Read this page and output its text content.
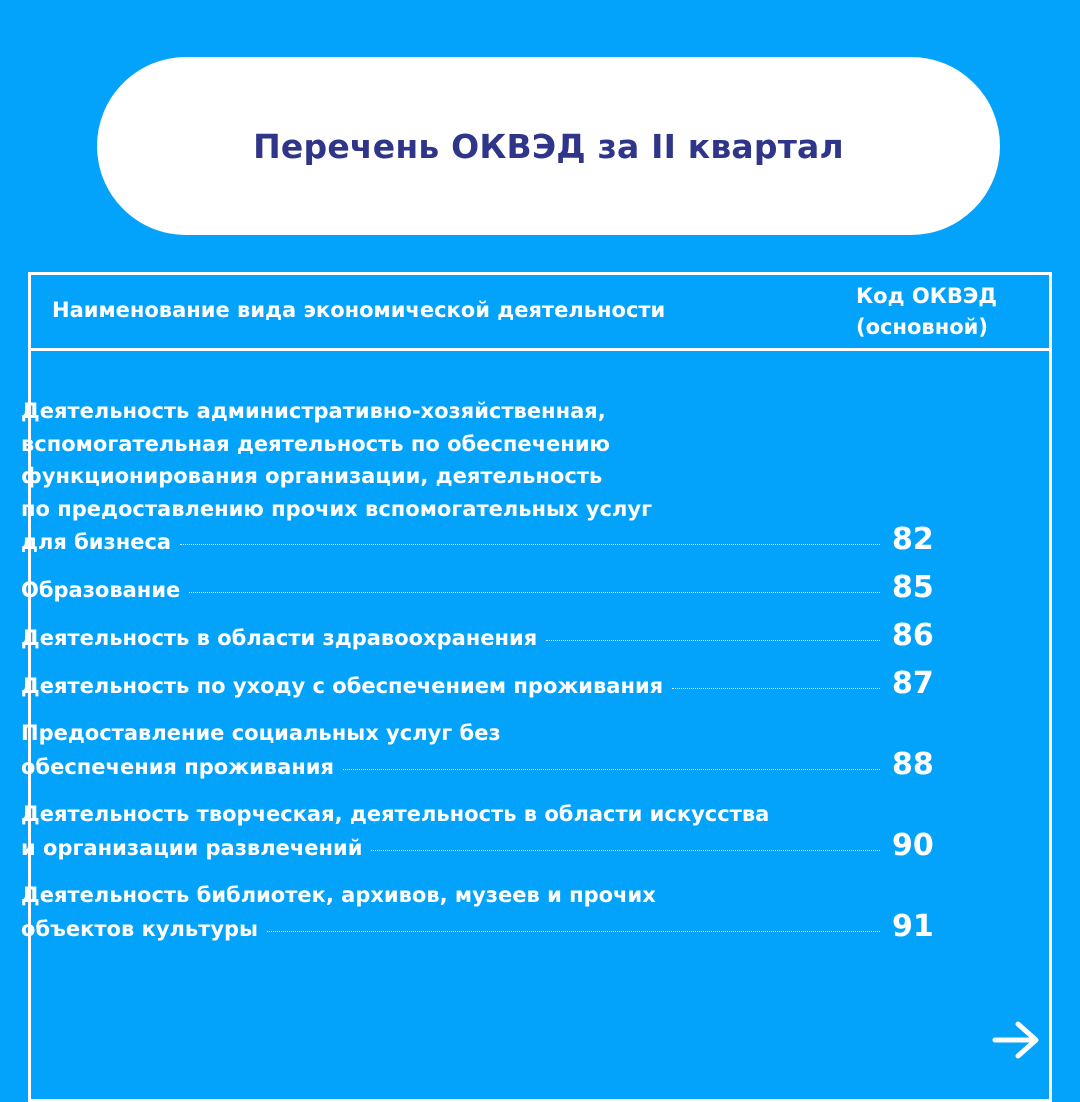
Перечень ОКВЭД за II квартал
Наименование вида экономической деятельности
Код ОКВЭД
(основной)
Деятельность административно-хозяйственная,
вспомогательная деятельность по обеспечению
функционирования организации, деятельность
по предоставлению прочих вспомогательных услуг
для бизнеса	82
Образование	85
Деятельность в области здравоохранения	86
Деятельность по уходу с обеспечением проживания	87
Предоставление социальных услуг без
обеспечения проживания	88
Деятельность творческая, деятельность в области искусства
и организации развлечений	90
Деятельность библиотек, архивов, музеев и прочих
объектов культуры	91
